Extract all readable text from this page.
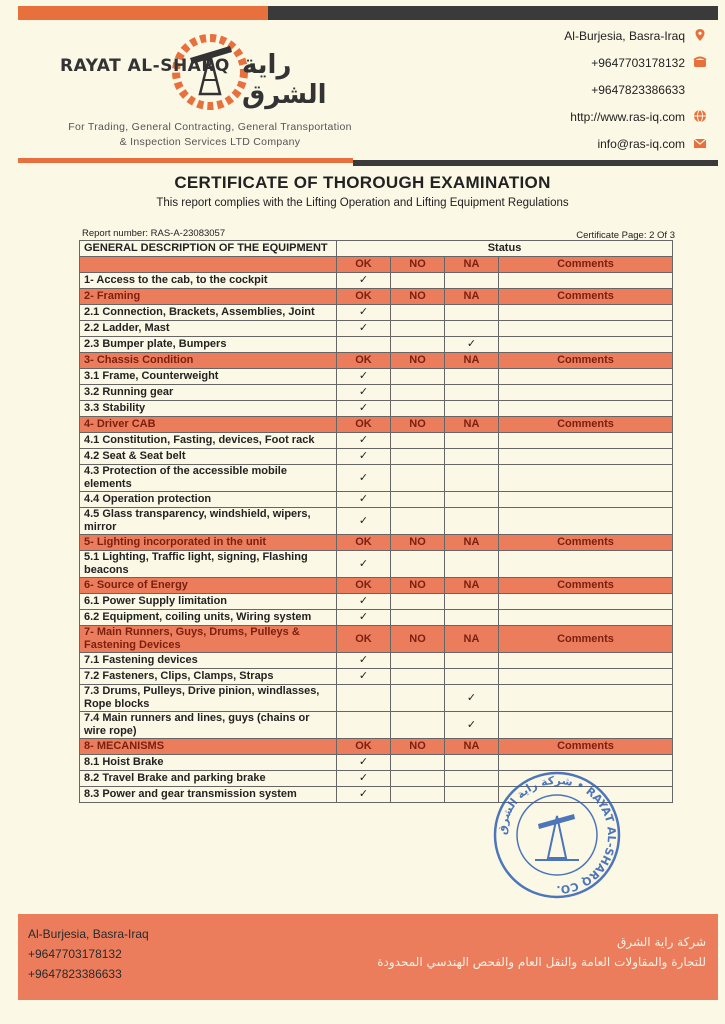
RAYAT AL-SHARQ راية الشرق
For Trading, General Contracting, General Transportation
& Inspection Services LTD Company
Al-Burjesia, Basra-Iraq
+9647703178132
+9647823386633
http://www.ras-iq.com
info@ras-iq.com
CERTIFICATE OF THOROUGH EXAMINATION
This report complies with the Lifting Operation and Lifting Equipment Regulations
Report number: RAS-A-23083057	Certificate Page: 2 Of 3
GENERAL DESCRIPTION OF THE EQUIPMENT	Status			
	OK	NO	NA	Comments
1- Access to the cab, to the cockpit	✓			
2- Framing	OK	NO	NA	Comments
2.1 Connection, Brackets, Assemblies, Joint	✓			
2.2 Ladder, Mast	✓			
2.3 Bumper plate, Bumpers			✓	
3- Chassis Condition	OK	NO	NA	Comments
3.1 Frame, Counterweight	✓			
3.2 Running gear	✓			
3.3 Stability	✓			
4- Driver CAB	OK	NO	NA	Comments
4.1 Constitution, Fasting, devices, Foot rack	✓			
4.2 Seat & Seat belt	✓			
4.3 Protection of the accessible mobile elements	✓			
4.4 Operation protection	✓			
4.5 Glass transparency, windshield, wipers, mirror	✓			
5- Lighting incorporated in the unit	OK	NO	NA	Comments
5.1 Lighting, Traffic light, signing, Flashing beacons	✓			
6- Source of Energy	OK	NO	NA	Comments
6.1 Power Supply limitation	✓			
6.2 Equipment, coiling units, Wiring system	✓			
7- Main Runners, Guys, Drums, Pulleys & Fastening Devices	OK	NO	NA	Comments
7.1 Fastening devices	✓			
7.2 Fasteners, Clips, Clamps, Straps	✓			
7.3 Drums, Pulleys, Drive pinion, windlasses, Rope blocks			✓	
7.4 Main runners and lines, guys (chains or wire rope)			✓	
8- MECANISMS	OK	NO	NA	Comments
8.1 Hoist Brake	✓			
8.2 Travel Brake and parking brake	✓			
8.3 Power and gear transmission system	✓			
شركة راية الشرق • RAYAT AL-SHARQ CO.
Al-Burjesia, Basra-Iraq
+9647703178132
+9647823386633
شركة راية الشرق
للتجارة والمقاولات العامة والنقل العام والفحص الهندسي المحدودة
